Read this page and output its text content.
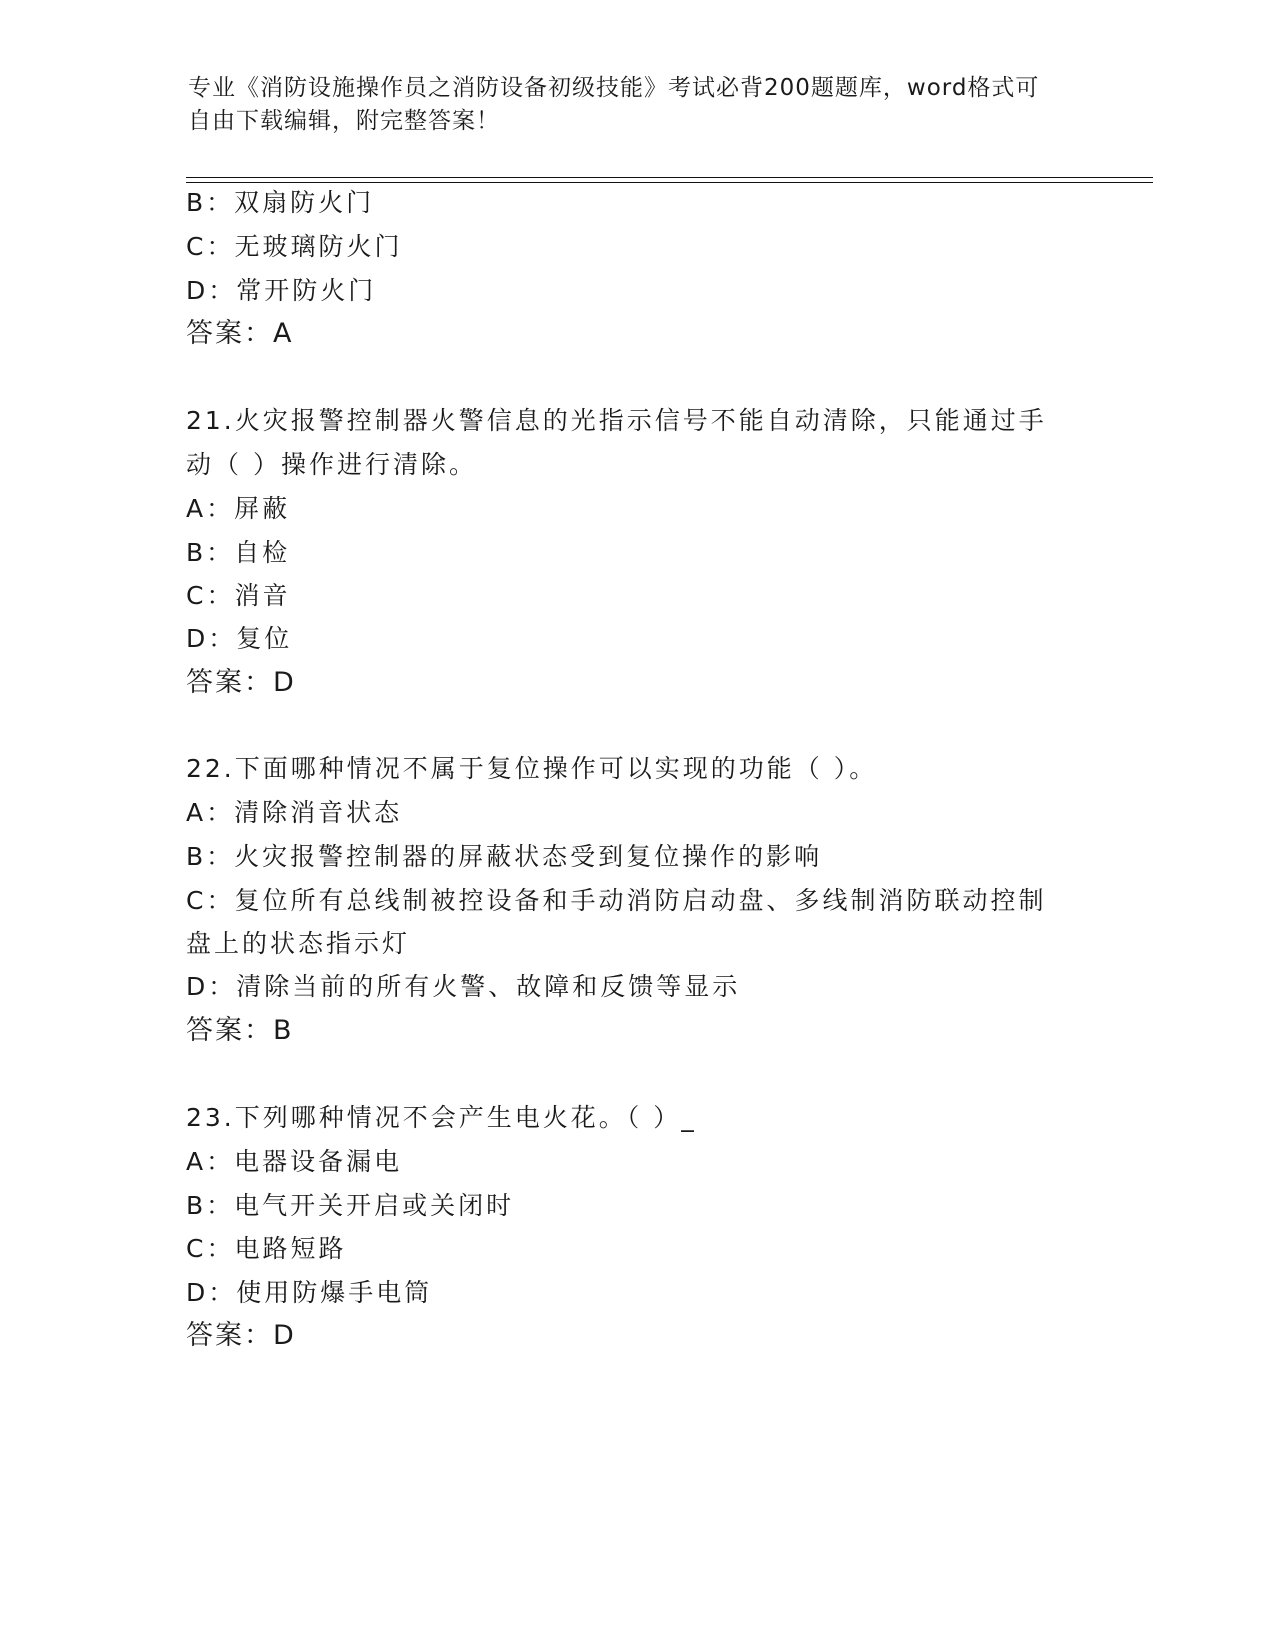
专业《消防设施操作员之消防设备初级技能》考试必背200题题库，word格式可
自由下载编辑，附完整答案！
B：双扇防火门
C：无玻璃防火门
D：常开防火门
答案：A
21.火灾报警控制器火警信息的光指示信号不能自动清除，只能通过手
动（ ）操作进行清除。
A：屏蔽
B：自检
C：消音
D：复位
答案：D
22.下面哪种情况不属于复位操作可以实现的功能（ ）。
A：清除消音状态
B：火灾报警控制器的屏蔽状态受到复位操作的影响
C：复位所有总线制被控设备和手动消防启动盘、多线制消防联动控制
盘上的状态指示灯
D：清除当前的所有火警、故障和反馈等显示
答案：B
23.下列哪种情况不会产生电火花。（ ）_
A：电器设备漏电
B：电气开关开启或关闭时
C：电路短路
D：使用防爆手电筒
答案：D
